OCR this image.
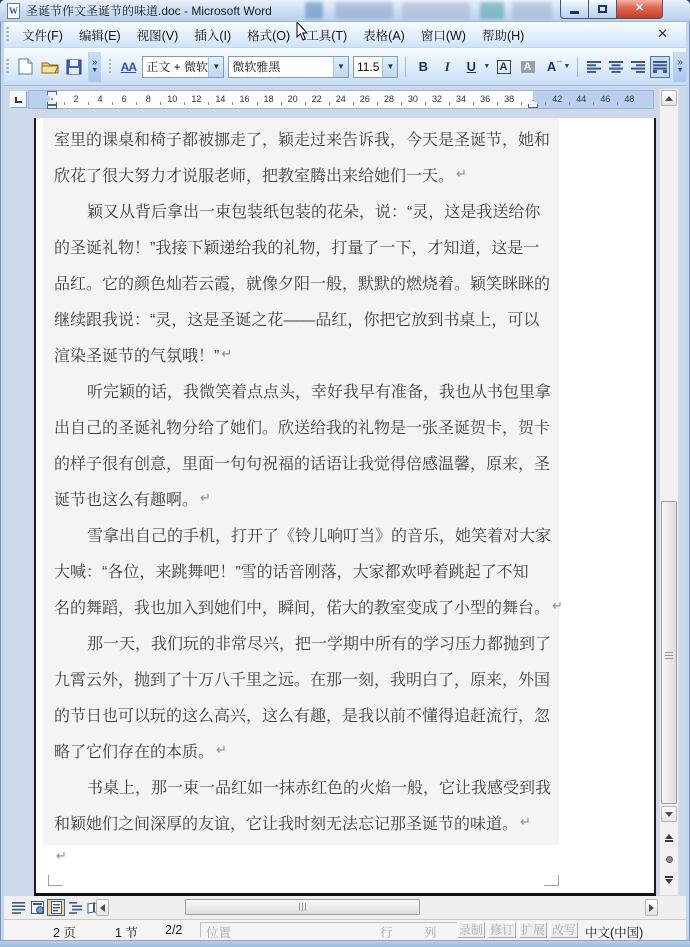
W 圣诞节作文圣诞节的味道.doc - Microsoft Word	✕
文件(F)	编辑(E)	视图(V)	插入(I)	格式(O)	工具(T)	表格(A)	窗口(W)	帮助(H)	✕
»
▼ AA 正文 + 微软 ▼ 微软雅黑	▼ 11.5 ▼ B I U ▼ A A A ↔
▼	»
▼
2 4 6 8 10 12 14 16 18 20 22 24 26 28 30 32 34 36 38	42 44 46 48
室里的课桌和椅子都被挪走了，颖走过来告诉我，今天是圣诞节，她和
欣花了很大努力才说服老师，把教室腾出来给她们一天。 ↵
颖又从背后拿出一束包装纸包装的花朵，说：“灵，这是我送给你
的圣诞礼物！”我接下颖递给我的礼物，打量了一下，才知道，这是一
品红。它的颜色灿若云霞，就像夕阳一般，默默的燃烧着。颖笑眯眯的
继续跟我说：“灵，这是圣诞之花——品红，你把它放到书桌上，可以
渲染圣诞节的气氛哦！” ↵
听完颖的话，我微笑着点点头，幸好我早有准备，我也从书包里拿
出自己的圣诞礼物分给了她们。欣送给我的礼物是一张圣诞贺卡，贺卡
的样子很有创意，里面一句句祝福的话语让我觉得倍感温馨，原来，圣
诞节也这么有趣啊。 ↵
雪拿出自己的手机，打开了《铃儿响叮当》的音乐，她笑着对大家
大喊：“各位，来跳舞吧！”雪的话音刚落，大家都欢呼着跳起了不知
名的舞蹈，我也加入到她们中，瞬间，偌大的教室变成了小型的舞台。 ↵
那一天，我们玩的非常尽兴，把一学期中所有的学习压力都抛到了
九霄云外，抛到了十万八千里之远。在那一刻，我明白了，原来，外国
的节日也可以玩的这么高兴，这么有趣，是我以前不懂得追赶流行，忽
略了它们存在的本质。 ↵
书桌上，那一束一品红如一抹赤红色的火焰一般，它让我感受到我
和颖她们之间深厚的友谊，它让我时刻无法忘记那圣诞节的味道。 ↵
↵
2 页	1 节 2/2 位置	行	列 录制 修订 扩展 改写 中文(中国)
